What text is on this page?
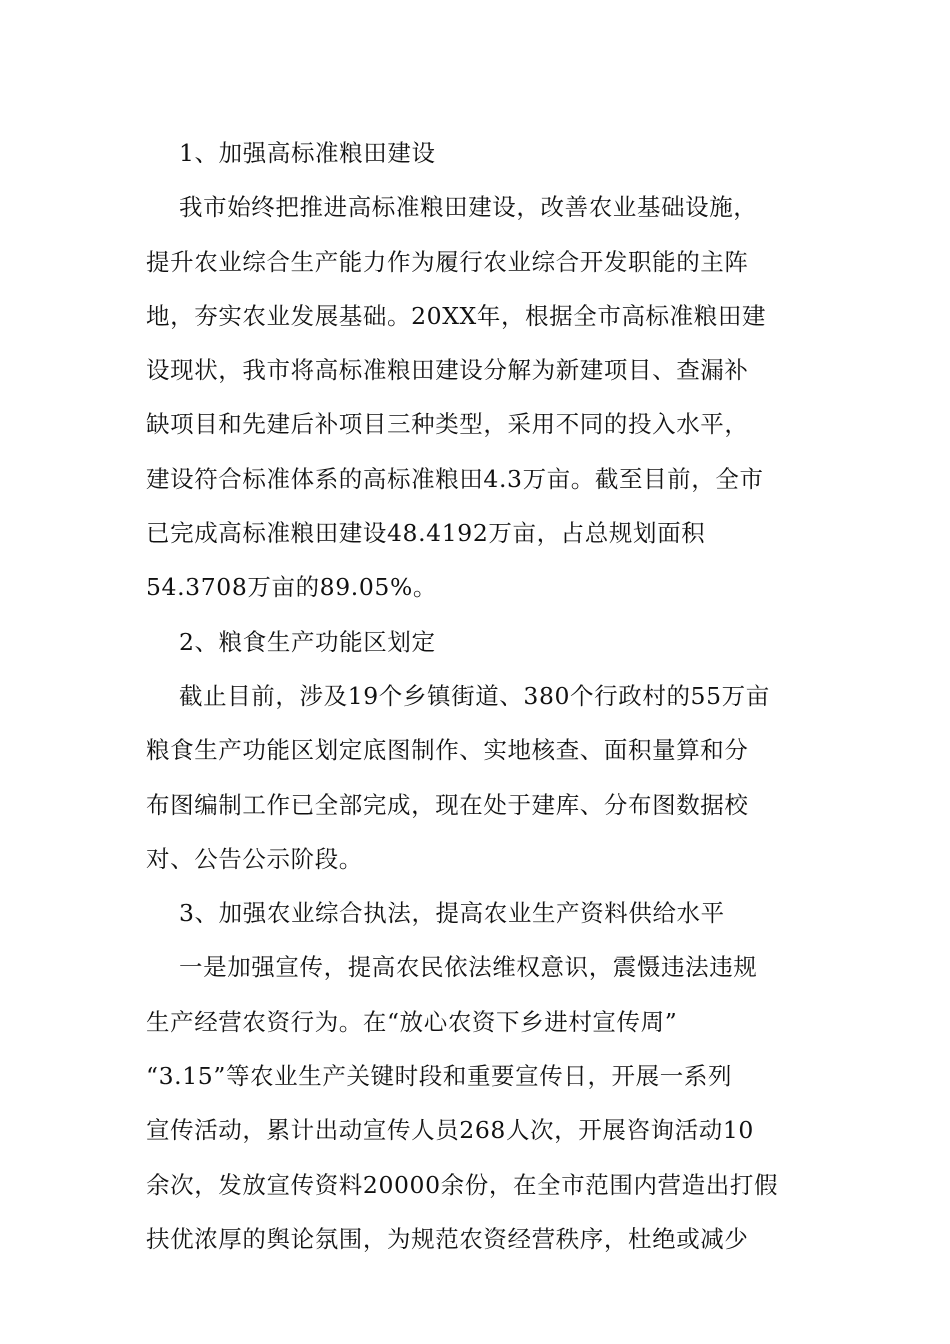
1、加强高标准粮田建设
我市始终把推进高标准粮田建设，改善农业基础设施，
提升农业综合生产能力作为履行农业综合开发职能的主阵
地，夯实农业发展基础。20XX年，根据全市高标准粮田建
设现状，我市将高标准粮田建设分解为新建项目、查漏补
缺项目和先建后补项目三种类型，采用不同的投入水平，
建设符合标准体系的高标准粮田4.3万亩。截至目前，全市
已完成高标准粮田建设48.4192万亩，占总规划面积
54.3708万亩的89.05%。
2、粮食生产功能区划定
截止目前，涉及19个乡镇街道、380个行政村的55万亩
粮食生产功能区划定底图制作、实地核查、面积量算和分
布图编制工作已全部完成，现在处于建库、分布图数据校
对、公告公示阶段。
3、加强农业综合执法，提高农业生产资料供给水平
一是加强宣传，提高农民依法维权意识，震慑违法违规
生产经营农资行为。在“放心农资下乡进村宣传周”
“3.15”等农业生产关键时段和重要宣传日，开展一系列
宣传活动，累计出动宣传人员268人次，开展咨询活动10
余次，发放宣传资料20000余份，在全市范围内营造出打假
扶优浓厚的舆论氛围，为规范农资经营秩序，杜绝或减少
